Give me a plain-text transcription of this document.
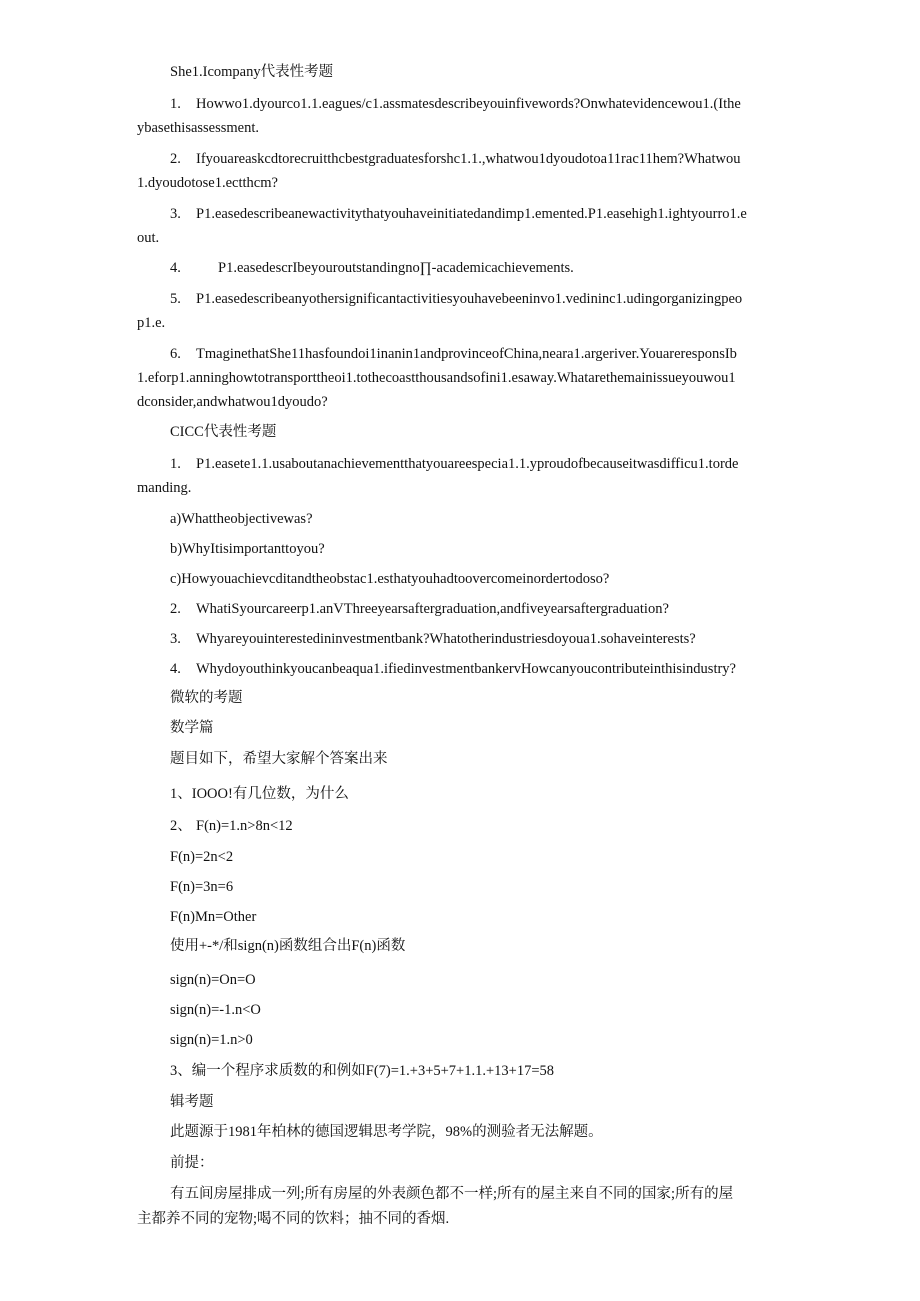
She1.Icompany代表性考题
1. Howwo1.dyourco1.1.eagues/c1.assmatesdescribeyouinfivewords?Onwhatevidencewou1.(Ithe
ybasethisassessment.
2. Ifyouareaskcdtorecruitthcbestgraduatesforshc1.1.,whatwou1dyoudotoa11rac11hem?Whatwou
1.dyoudotose1.ectthcm?
3. P1.easedescribeanewactivitythatyouhaveinitiatedandimp1.emented.P1.easehigh1.ightyourro1.e
out.
4.	P1.easedescrIbeyouroutstandingno∏-academicachievements.
5. P1.easedescribeanyothersignificantactivitiesyouhavebeeninvo1.vedininc1.udingorganizingpeo
p1.e.
6. TmaginethatShe11hasfoundoi1inanin1andprovinceofChina,neara1.argeriver.YouareresponsIb
1.eforp1.anninghowtotransporttheoi1.tothecoastthousandsofini1.esaway.Whatarethemainissueyouwou1
dconsider,andwhatwou1dyoudo?
CICC代表性考题
1. P1.easete1.1.usaboutanachievementthatyouareespecia1.1.yproudofbecauseitwasdifficu1.torde
manding.
a)Whattheobjectivewas?
b)WhyItisimportanttoyou?
c)Howyouachievcditandtheobstac1.esthatyouhadtoovercomeinordertodoso?
2. WhatiSyourcareerp1.anVThreeyearsaftergraduation,andfiveyearsaftergraduation?
3. Whyareyouinterestedininvestmentbank?Whatotherindustriesdoyoua1.sohaveinterests?
4. Whydoyouthinkyoucanbeaqua1.ifiedinvestmentbankervHowcanyoucontributeinthisindustry?
微软的考题
数学篇
题目如下，希望大家解个答案出来
1、IOOO!有几位数，为什么
2、 F(n)=1.n>8n<12
F(n)=2n<2
F(n)=3n=6
F(n)Mn=Other
使用+-*/和sign(n)函数组合出F(n)函数
sign(n)=On=O
sign(n)=-1.n<O
sign(n)=1.n>0
3、编一个程序求质数的和例如F(7)=1.+3+5+7+1.1.+13+17=58
辑考题
此题源于1981年柏林的德国逻辑思考学院，98%的测验者无法解题。
前提：
有五间房屋排成一列;所有房屋的外表颜色都不一样;所有的屋主来自不同的国家;所有的屋
主都养不同的宠物;喝不同的饮料；抽不同的香烟.
